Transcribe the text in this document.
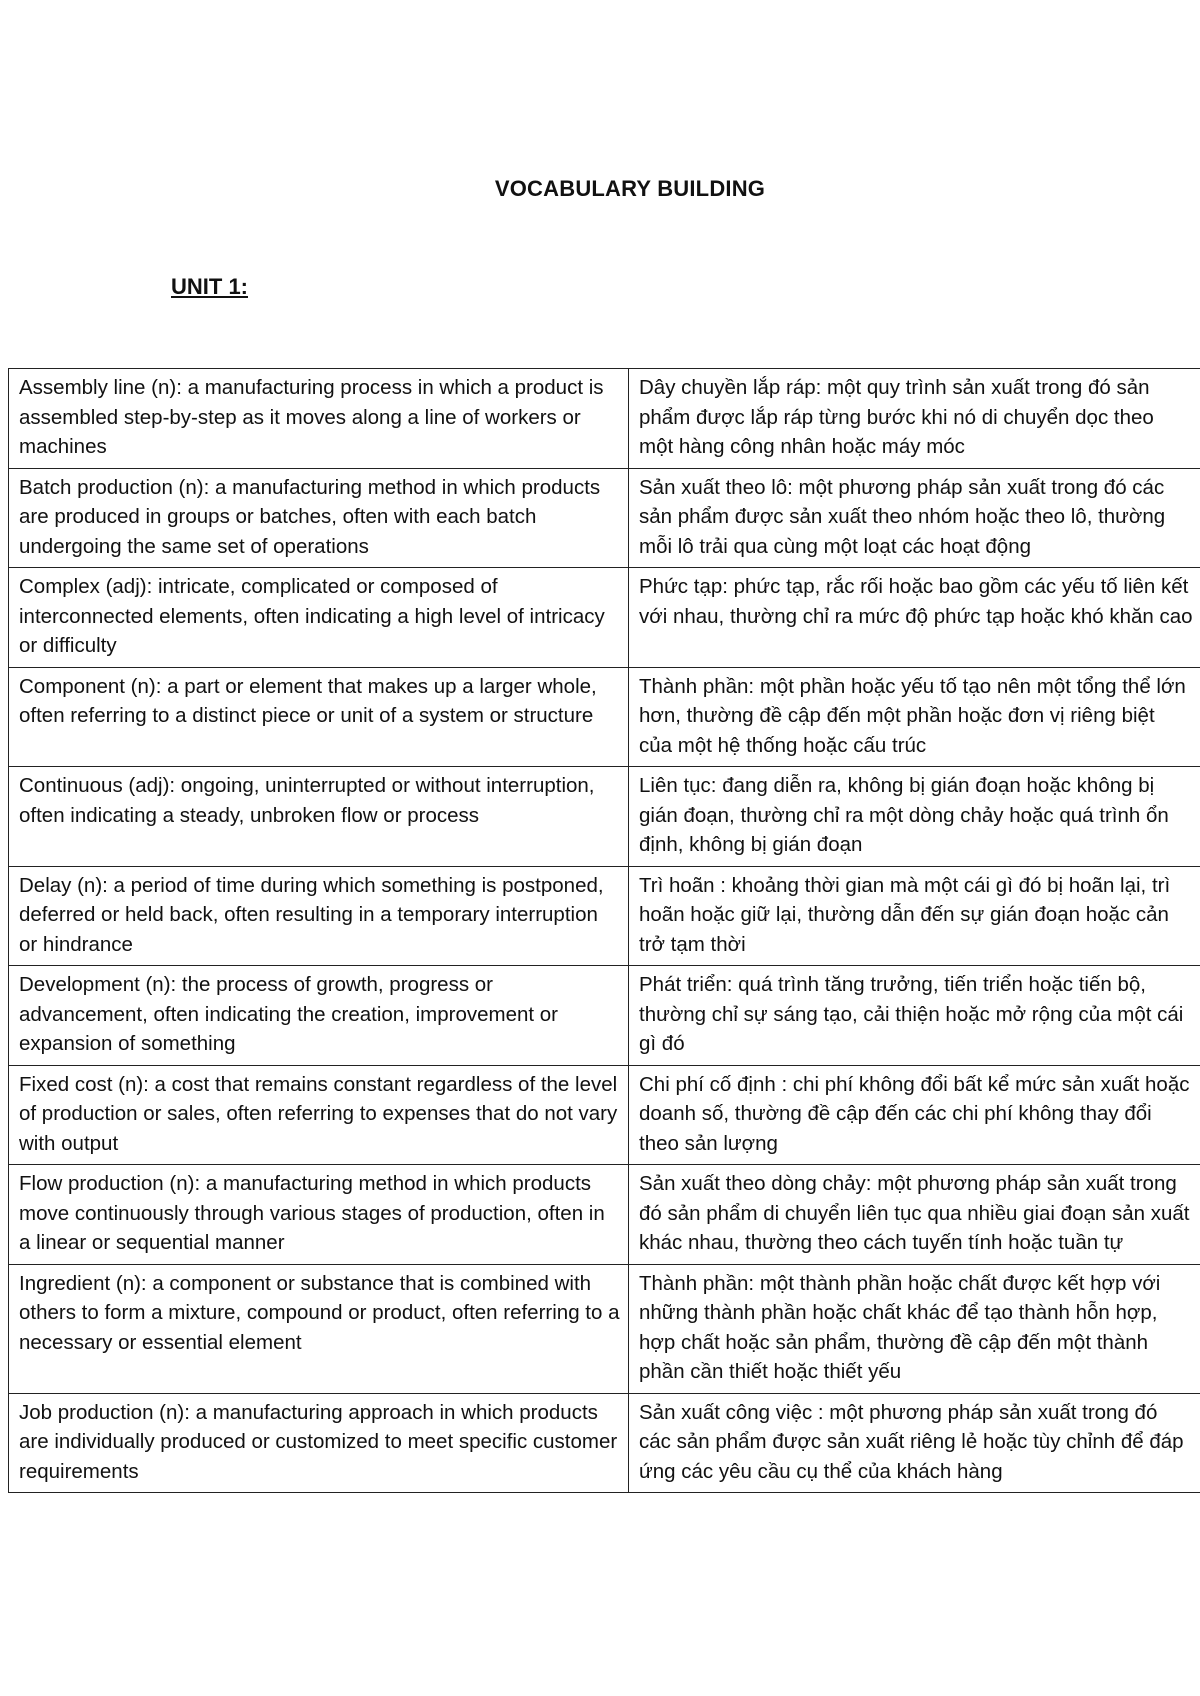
VOCABULARY BUILDING
UNIT 1:
Assembly line (n): a manufacturing process in which a product is assembled step-by-step as it moves along a line of workers or machines	Dây chuyền lắp ráp: một quy trình sản xuất trong đó sản phẩm được lắp ráp từng bước khi nó di chuyển dọc theo một hàng công nhân hoặc máy móc
Batch production (n): a manufacturing method in which products are produced in groups or batches, often with each batch undergoing the same set of operations	Sản xuất theo lô: một phương pháp sản xuất trong đó các sản phẩm được sản xuất theo nhóm hoặc theo lô, thường mỗi lô trải qua cùng một loạt các hoạt động
Complex (adj): intricate, complicated or composed of interconnected elements, often indicating a high level of intricacy or difficulty	Phức tạp: phức tạp, rắc rối hoặc bao gồm các yếu tố liên kết với nhau, thường chỉ ra mức độ phức tạp hoặc khó khăn cao
Component (n): a part or element that makes up a larger whole, often referring to a distinct piece or unit of a system or structure	Thành phần: một phần hoặc yếu tố tạo nên một tổng thể lớn hơn, thường đề cập đến một phần hoặc đơn vị riêng biệt của một hệ thống hoặc cấu trúc
Continuous (adj): ongoing, uninterrupted or without interruption, often indicating a steady, unbroken flow or process	Liên tục: đang diễn ra, không bị gián đoạn hoặc không bị gián đoạn, thường chỉ ra một dòng chảy hoặc quá trình ổn định, không bị gián đoạn
Delay (n): a period of time during which something is postponed, deferred or held back, often resulting in a temporary interruption or hindrance	Trì hoãn : khoảng thời gian mà một cái gì đó bị hoãn lại, trì hoãn hoặc giữ lại, thường dẫn đến sự gián đoạn hoặc cản trở tạm thời
Development (n): the process of growth, progress or advancement, often indicating the creation, improvement or expansion of something	Phát triển: quá trình tăng trưởng, tiến triển hoặc tiến bộ, thường chỉ sự sáng tạo, cải thiện hoặc mở rộng của một cái gì đó
Fixed cost (n): a cost that remains constant regardless of the level of production or sales, often referring to expenses that do not vary with output	Chi phí cố định : chi phí không đổi bất kể mức sản xuất hoặc doanh số, thường đề cập đến các chi phí không thay đổi theo sản lượng
Flow production (n): a manufacturing method in which products move continuously through various stages of production, often in a linear or sequential manner	Sản xuất theo dòng chảy: một phương pháp sản xuất trong đó sản phẩm di chuyển liên tục qua nhiều giai đoạn sản xuất khác nhau, thường theo cách tuyến tính hoặc tuần tự
Ingredient (n): a component or substance that is combined with others to form a mixture, compound or product, often referring to a necessary or essential element	Thành phần: một thành phần hoặc chất được kết hợp với những thành phần hoặc chất khác để tạo thành hỗn hợp, hợp chất hoặc sản phẩm, thường đề cập đến một thành phần cần thiết hoặc thiết yếu
Job production (n): a manufacturing approach in which products are individually produced or customized to meet specific customer requirements	Sản xuất công việc : một phương pháp sản xuất trong đó các sản phẩm được sản xuất riêng lẻ hoặc tùy chỉnh để đáp ứng các yêu cầu cụ thể của khách hàng
